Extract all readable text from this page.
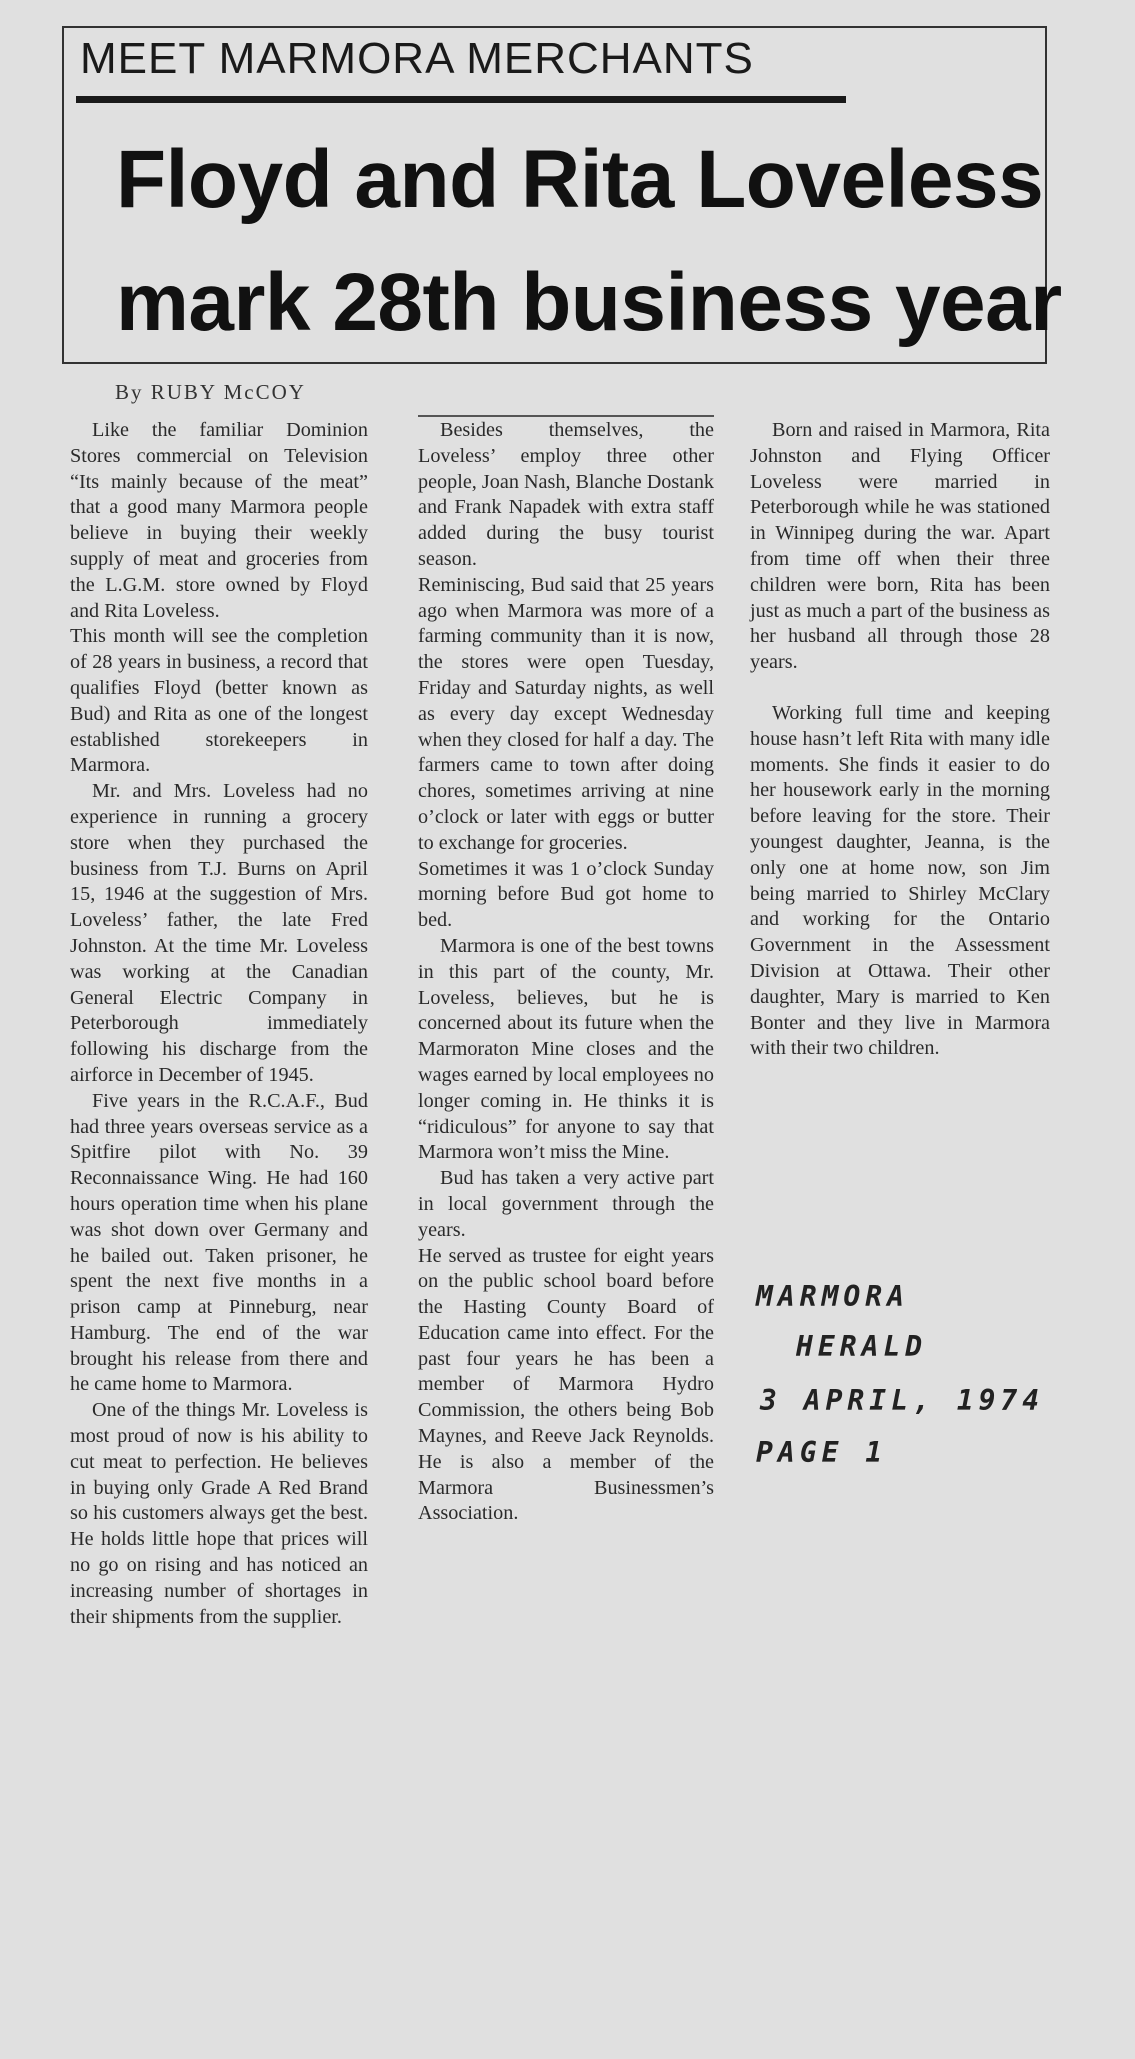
MEET MARMORA MERCHANTS
Floyd and Rita Loveless

mark 28th business year
By RUBY McCOY

Like the familiar Dominion Stores commercial on Television “Its mainly because of the meat” that a good many Marmora people believe in buying their weekly supply of meat and groceries from the L.G.M. store owned by Floyd and Rita Loveless.

This month will see the completion of 28 years in business, a record that qualifies Floyd (better known as Bud) and Rita as one of the longest established storekeepers in Marmora.

Mr. and Mrs. Loveless had no experience in running a grocery store when they purchased the business from T.J. Burns on April 15, 1946 at the suggestion of Mrs. Loveless’ father, the late Fred Johnston. At the time Mr. Loveless was working at the Canadian General Electric Company in Peterborough immediately following his discharge from the airforce in December of 1945.

Five years in the R.C.A.F., Bud had three years overseas service as a Spitfire pilot with No. 39 Reconnaissance Wing. He had 160 hours operation time when his plane was shot down over Germany and he bailed out. Taken prisoner, he spent the next five months in a prison camp at Pinneburg, near Hamburg. The end of the war brought his release from there and he came home to Marmora.

One of the things Mr. Loveless is most proud of now is his ability to cut meat to perfection. He believes in buying only Grade A Red Brand so his customers always get the best. He holds little hope that prices will no go on rising and has noticed an increasing number of shortages in their shipments from the supplier.

Besides themselves, the Loveless’ employ three other people, Joan Nash, Blanche Dostank and Frank Napadek with extra staff added during the busy tourist season.

Reminiscing, Bud said that 25 years ago when Marmora was more of a farming community than it is now, the stores were open Tuesday, Friday and Saturday nights, as well as every day except Wednesday when they closed for half a day. The farmers came to town after doing chores, sometimes arriving at nine o’clock or later with eggs or butter to exchange for groceries.

Sometimes it was 1 o’clock Sunday morning before Bud got home to bed.

Marmora is one of the best towns in this part of the county, Mr. Loveless, believes, but he is concerned about its future when the Marmoraton Mine closes and the wages earned by local employees no longer coming in. He thinks it is “ridiculous” for anyone to say that Marmora won’t miss the Mine.

Bud has taken a very active part in local government through the years.

He served as trustee for eight years on the public school board before the Hasting County Board of Education came into effect. For the past four years he has been a member of Marmora Hydro Commission, the others being Bob Maynes, and Reeve Jack Reynolds. He is also a member of the Marmora Businessmen’s Association.

Born and raised in Marmora, Rita Johnston and Flying Officer Loveless were married in Peterborough while he was stationed in Winnipeg during the war. Apart from time off when their three children were born, Rita has been just as much a part of the business as her husband all through those 28 years.

Working full time and keeping house hasn’t left Rita with many idle moments. She finds it easier to do her housework early in the morning before leaving for the store. Their youngest daughter, Jeanna, is the only one at home now, son Jim being married to Shirley McClary and working for the Ontario Government in the Assessment Division at Ottawa. Their other daughter, Mary is married to Ken Bonter and they live in Marmora with their two children.

MARMORA
HERALD
3 APRIL, 1974
PAGE 1
